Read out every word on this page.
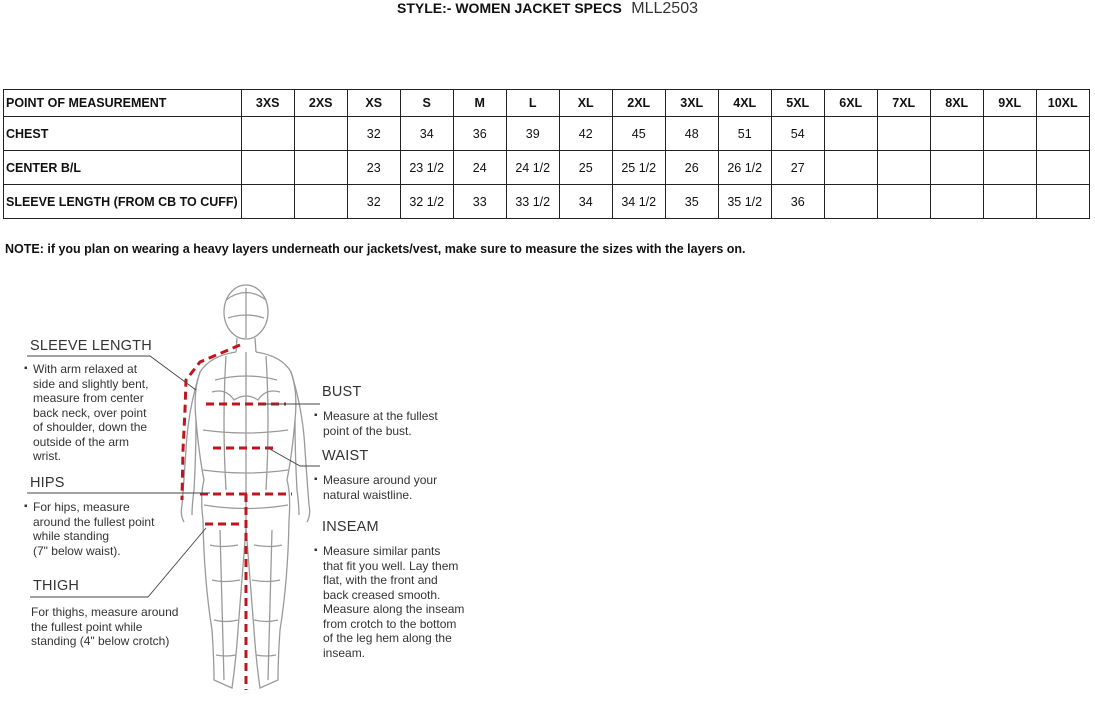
STYLE:- WOMEN JACKET SPECS MLL2503
POINT OF MEASUREMENT	3XS	2XS	XS	S	M	L	XL	2XL	3XL	4XL	5XL	6XL	7XL	8XL	9XL	10XL
CHEST			32	34	36	39	42	45	48	51	54					
CENTER B/L			23	23 1/2	24	24 1/2	25	25 1/2	26	26 1/2	27					
SLEEVE LENGTH (FROM CB TO CUFF)			32	32 1/2	33	33 1/2	34	34 1/2	35	35 1/2	36					
NOTE: if you plan on wearing a heavy layers underneath our jackets/vest, make sure to measure the sizes with the layers on.
SLEEVE LENGTH
▪ With arm relaxed at
side and slightly bent,
measure from center
back neck, over point
of shoulder, down the
outside of the arm
wrist.
HIPS
▪ For hips, measure
around the fullest point
while standing
(7" below waist).
THIGH
For thighs, measure around
the fullest point while
standing (4" below crotch)
BUST
▪ Measure at the fullest
point of the bust.
WAIST
▪ Measure around your
natural waistline.
INSEAM
▪ Measure similar pants
that fit you well. Lay them
flat, with the front and
back creased smooth.
Measure along the inseam
from crotch to the bottom
of the leg hem along the
inseam.
